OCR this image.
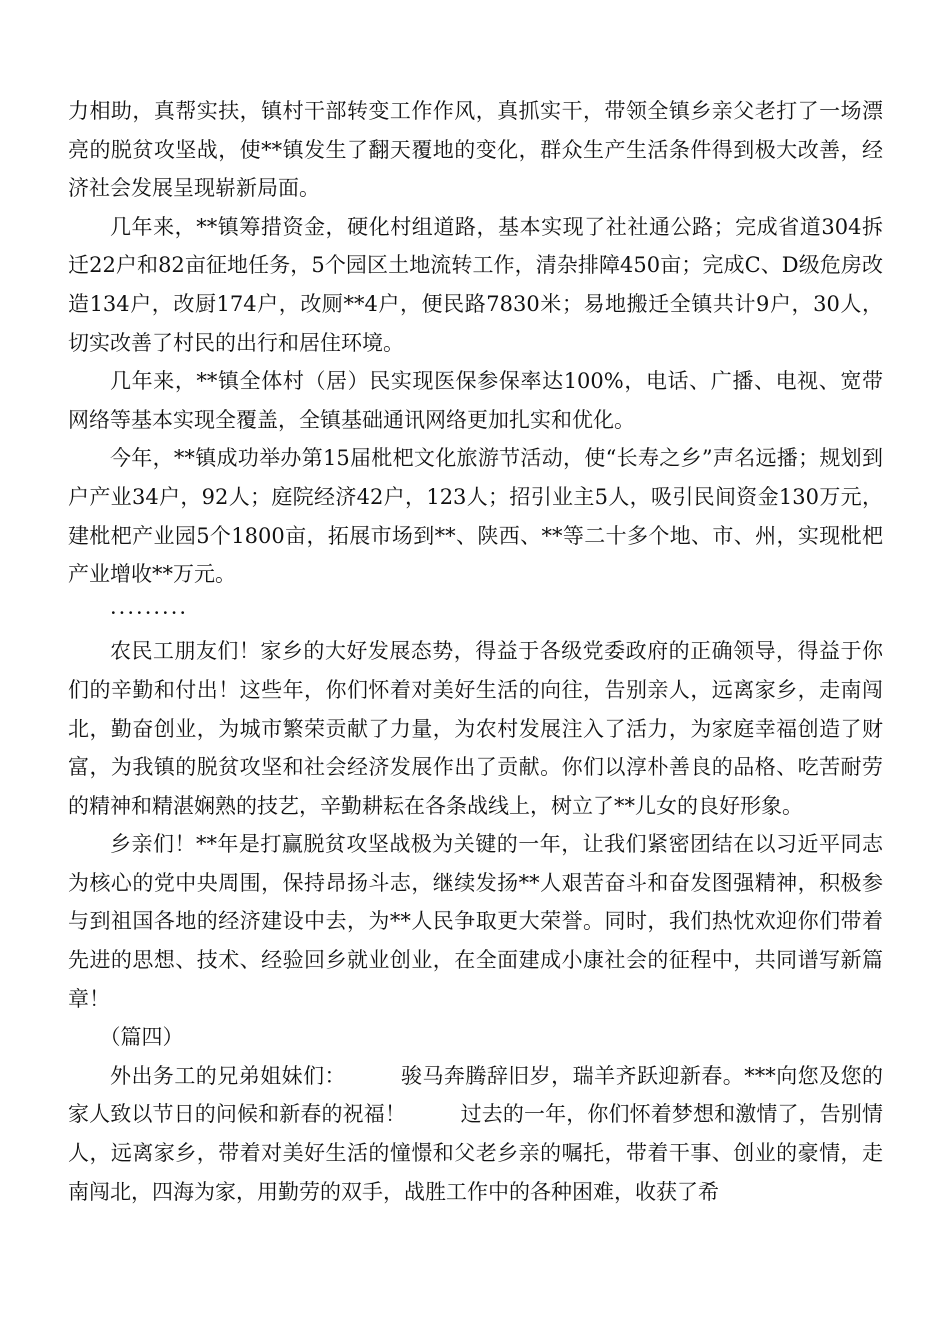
力相助，真帮实扶，镇村干部转变工作作风，真抓实干，带领全镇乡亲父老打了一场漂亮的脱贫攻坚战，使**镇发生了翻天覆地的变化，群众生产生活条件得到极大改善，经济社会发展呈现崭新局面。

几年来，**镇筹措资金，硬化村组道路，基本实现了社社通公路；完成省道304拆迁22户和82亩征地任务，5个园区土地流转工作，清杂排障450亩；完成C、D级危房改造134户，改厨174户，改厕**4户，便民路7830米；易地搬迁全镇共计9户，30人，切实改善了村民的出行和居住环境。

几年来，**镇全体村（居）民实现医保参保率达100%，电话、广播、电视、宽带网络等基本实现全覆盖，全镇基础通讯网络更加扎实和优化。

今年，**镇成功举办第15届枇杷文化旅游节活动，使“长寿之乡”声名远播；规划到户产业34户，92人；庭院经济42户，123人；招引业主5人，吸引民间资金130万元，建枇杷产业园5个1800亩，拓展市场到**、陕西、**等二十多个地、市、州，实现枇杷产业增收**万元。

·········

农民工朋友们！家乡的大好发展态势，得益于各级党委政府的正确领导，得益于你们的辛勤和付出！这些年，你们怀着对美好生活的向往，告别亲人，远离家乡，走南闯北，勤奋创业，为城市繁荣贡献了力量，为农村发展注入了活力，为家庭幸福创造了财富，为我镇的脱贫攻坚和社会经济发展作出了贡献。你们以淳朴善良的品格、吃苦耐劳的精神和精湛娴熟的技艺，辛勤耕耘在各条战线上，树立了**儿女的良好形象。

乡亲们！**年是打赢脱贫攻坚战极为关键的一年，让我们紧密团结在以习近平同志为核心的党中央周围，保持昂扬斗志，继续发扬**人艰苦奋斗和奋发图强精神，积极参与到祖国各地的经济建设中去，为**人民争取更大荣誉。同时，我们热忱欢迎你们带着先进的思想、技术、经验回乡就业创业，在全面建成小康社会的征程中，共同谱写新篇章！

（篇四）

外出务工的兄弟姐妹们：	骏马奔腾辞旧岁，瑞羊齐跃迎新春。***向您及您的家人致以节日的问候和新春的祝福！	过去的一年，你们怀着梦想和激情了，告别情人，远离家乡，带着对美好生活的憧憬和父老乡亲的嘱托，带着干事、创业的豪情，走南闯北，四海为家，用勤劳的双手，战胜工作中的各种困难，收获了希
